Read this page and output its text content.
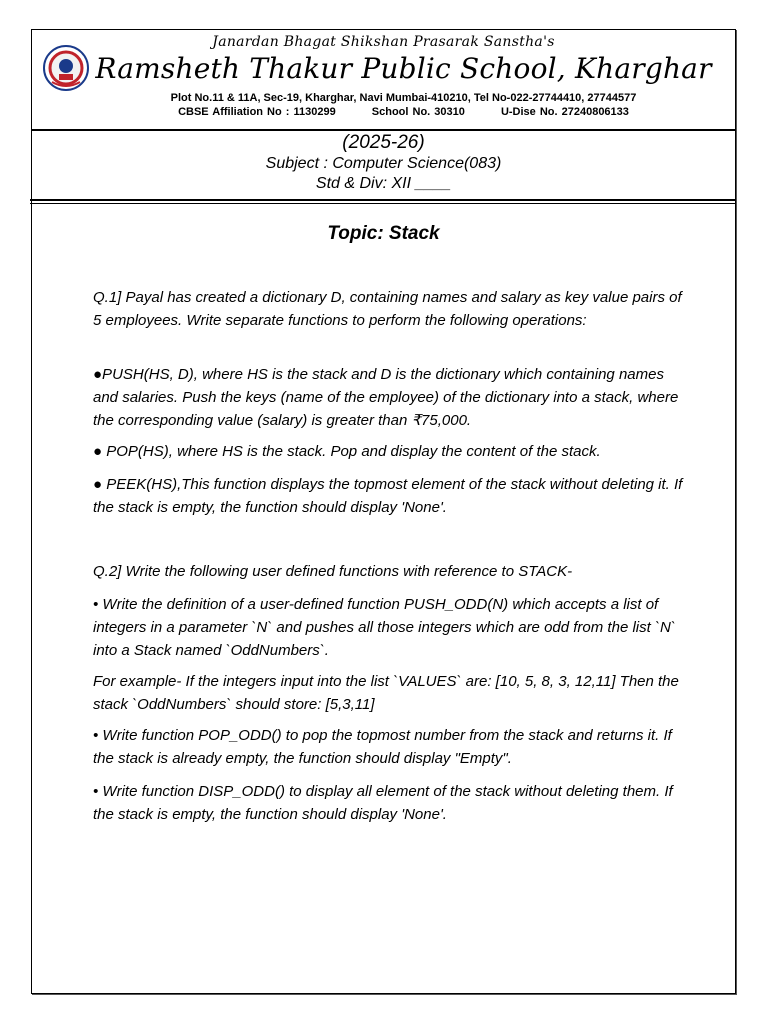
Janardan Bhagat Shikshan Prasarak Sanstha's
Ramsheth Thakur Public School, Kharghar
Plot No.11 & 11A, Sec-19, Kharghar, Navi Mumbai-410210, Tel No-022-27744410, 27744577
CBSE Affiliation No : 1130299	School No. 30310	U-Dise No. 27240806133
(2025-26)
Subject : Computer Science(083)
Std & Div: XII ____
Topic: Stack

Q.1] Payal has created a dictionary D, containing names and salary as key value pairs of 5 employees. Write separate functions to perform the following operations:

●PUSH(HS, D), where HS is the stack and D is the dictionary which containing names and salaries. Push the keys (name of the employee) of the dictionary into a stack, where the corresponding value (salary) is greater than ₹75,000.

● POP(HS), where HS is the stack. Pop and display the content of the stack.

● PEEK(HS),This function displays the topmost element of the stack without deleting it. If the stack is empty, the function should display 'None'.

Q.2] Write the following user defined functions with reference to STACK-

• Write the definition of a user-defined function PUSH_ODD(N) which accepts a list of integers in a parameter `N` and pushes all those integers which are odd from the list `N` into a Stack named `OddNumbers`.

For example- If the integers input into the list `VALUES` are: [10, 5, 8, 3, 12,11] Then the stack `OddNumbers` should store: [5,3,11]

• Write function POP_ODD() to pop the topmost number from the stack and returns it. If the stack is already empty, the function should display "Empty".

• Write function DISP_ODD() to display all element of the stack without deleting them. If the stack is empty, the function should display 'None'.
